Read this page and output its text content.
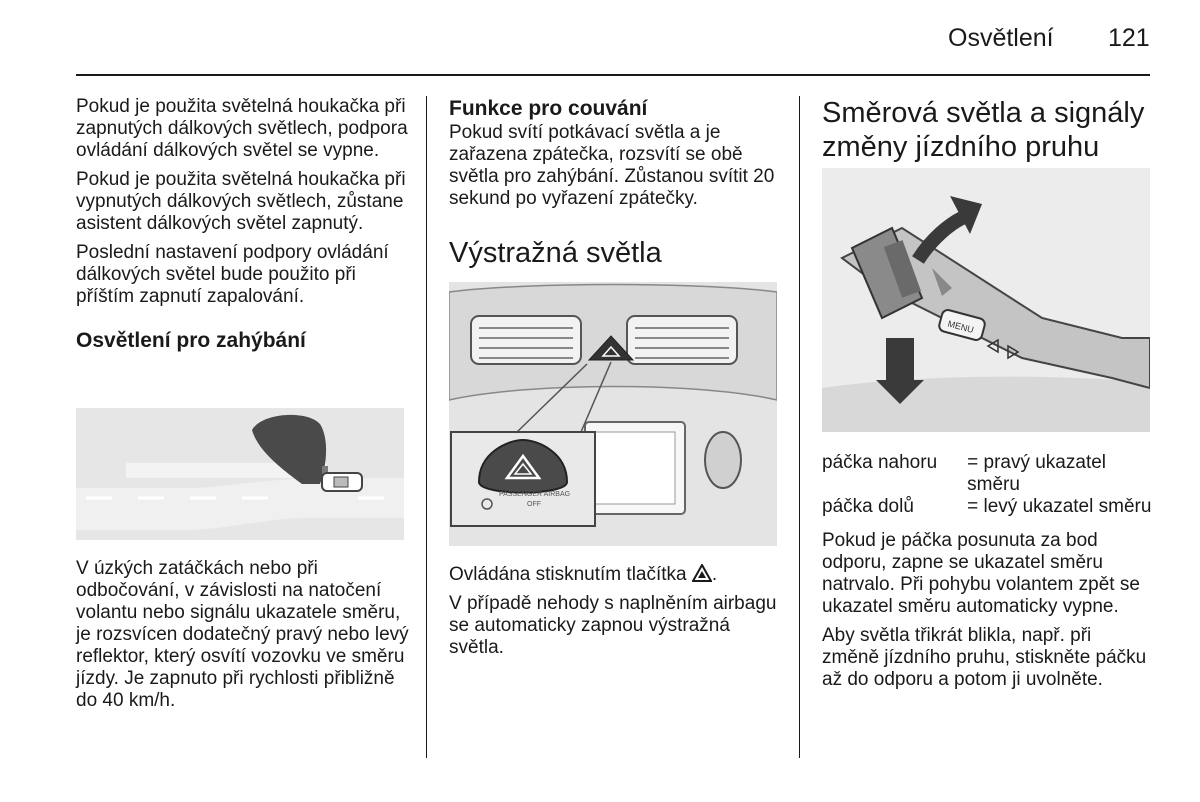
Osvětlení 121

Pokud je použita světelná houkačka při zapnutých dálkových světlech, podpora ovládání dálkových světel se vypne.

Pokud je použita světelná houkačka při vypnutých dálkových světlech, zůstane asistent dálkových světel zapnutý.

Poslední nastavení podpory ovládání dálkových světel bude použito při příštím zapnutí zapalování.

Osvětlení pro zahýbání

V úzkých zatáčkách nebo při odbočování, v závislosti na natočení volantu nebo signálu ukazatele směru, je rozsvícen dodatečný pravý nebo levý reflektor, který osvítí vozovku ve směru jízdy. Je zapnuto při rychlosti přibližně do 40 km/h.

Funkce pro couvání

Pokud svítí potkávací světla a je zařazena zpátečka, rozsvítí se obě světla pro zahýbání. Zůstanou svítit 20 sekund po vyřazení zpátečky.

Výstražná světla
PASSENGER AIRBAG
OFF

Ovládána stisknutím tlačítka .

V případě nehody s naplněním airbagu se automaticky zapnou výstražná světla.

Směrová světla a signály změny jízdního pruhu
MENU
páčka nahoru	= pravý ukazatel směru
páčka dolů	= levý ukazatel směru

Pokud je páčka posunuta za bod odporu, zapne se ukazatel směru natrvalo. Při pohybu volantem zpět se ukazatel směru automaticky vypne.

Aby světla třikrát blikla, např. při změně jízdního pruhu, stiskněte páčku až do odporu a potom ji uvolněte.
